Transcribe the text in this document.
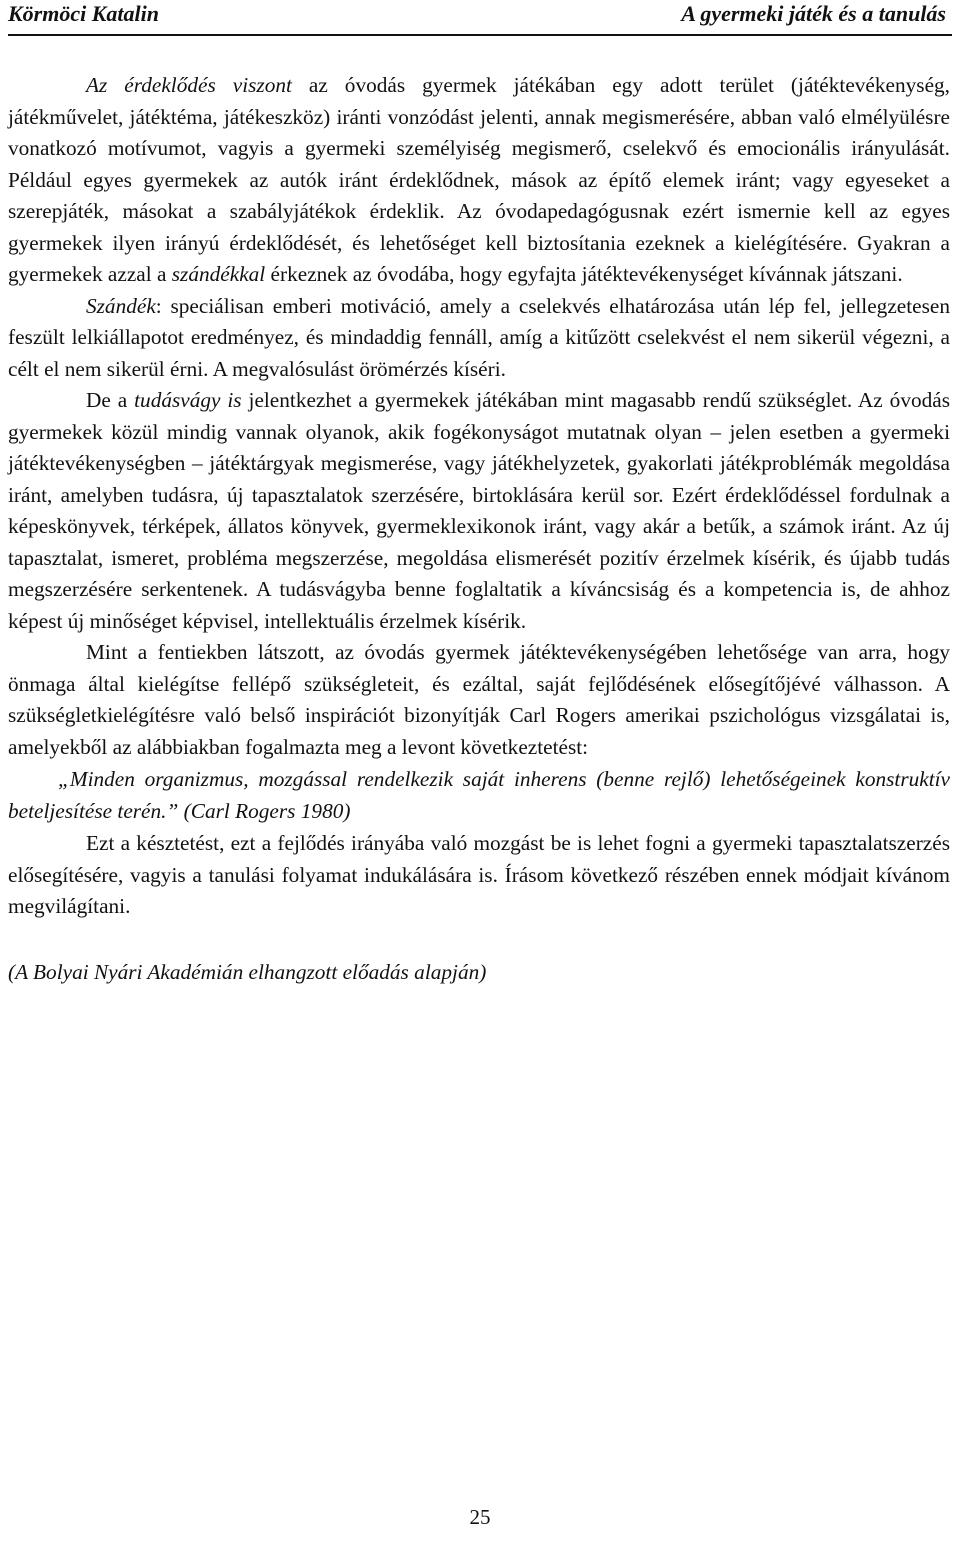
Körmöci Katalin	A gyermeki játék és a tanulás

Az érdeklődés viszont az óvodás gyermek játékában egy adott terület (játéktevékenység, játékművelet, játéktéma, játékeszköz) iránti vonzódást jelenti, annak megismerésére, abban való elmélyülésre vonatkozó motívumot, vagyis a gyermeki személyiség megismerő, cselekvő és emocionális irányulását. Például egyes gyermekek az autók iránt érdeklődnek, mások az építő elemek iránt; vagy egyeseket a szerepjáték, másokat a szabályjátékok érdeklik. Az óvodapedagógusnak ezért ismernie kell az egyes gyermekek ilyen irányú érdeklődését, és lehetőséget kell biztosítania ezeknek a kielégítésére. Gyakran a gyermekek azzal a szándékkal érkeznek az óvodába, hogy egyfajta játéktevékenységet kívánnak játszani.

Szándék: speciálisan emberi motiváció, amely a cselekvés elhatározása után lép fel, jellegzetesen feszült lelkiállapotot eredményez, és mindaddig fennáll, amíg a kitűzött cselekvést el nem sikerül végezni, a célt el nem sikerül érni. A megvalósulást örömérzés kíséri.

De a tudásvágy is jelentkezhet a gyermekek játékában mint magasabb rendű szükséglet. Az óvodás gyermekek közül mindig vannak olyanok, akik fogékonyságot mutatnak olyan – jelen esetben a gyermeki játéktevékenységben – játéktárgyak megismerése, vagy játékhelyzetek, gyakorlati játékproblémák megoldása iránt, amelyben tudásra, új tapasztalatok szerzésére, birtoklására kerül sor. Ezért érdeklődéssel fordulnak a képeskönyvek, térképek, állatos könyvek, gyermeklexikonok iránt, vagy akár a betűk, a számok iránt. Az új tapasztalat, ismeret, probléma megszerzése, megoldása elismerését pozitív érzelmek kísérik, és újabb tudás megszerzésére serkentenek. A tudásvágyba benne foglaltatik a kíváncsiság és a kompetencia is, de ahhoz képest új minőséget képvisel, intellektuális érzelmek kísérik.

Mint a fentiekben látszott, az óvodás gyermek játéktevékenységében lehetősége van arra, hogy önmaga által kielégítse fellépő szükségleteit, és ezáltal, saját fejlődésének elősegítőjévé válhasson. A szükségletkielégítésre való belső inspirációt bizonyítják Carl Rogers amerikai pszichológus vizsgálatai is, amelyekből az alábbiakban fogalmazta meg a levont következtetést:

„Minden organizmus, mozgással rendelkezik saját inherens (benne rejlő) lehetőségeinek konstruktív beteljesítése terén.” (Carl Rogers 1980)

Ezt a késztetést, ezt a fejlődés irányába való mozgást be is lehet fogni a gyermeki tapasztalatszerzés elősegítésére, vagyis a tanulási folyamat indukálására is. Írásom következő részében ennek módjait kívánom megvilágítani.

(A Bolyai Nyári Akadémián elhangzott előadás alapján)

25
